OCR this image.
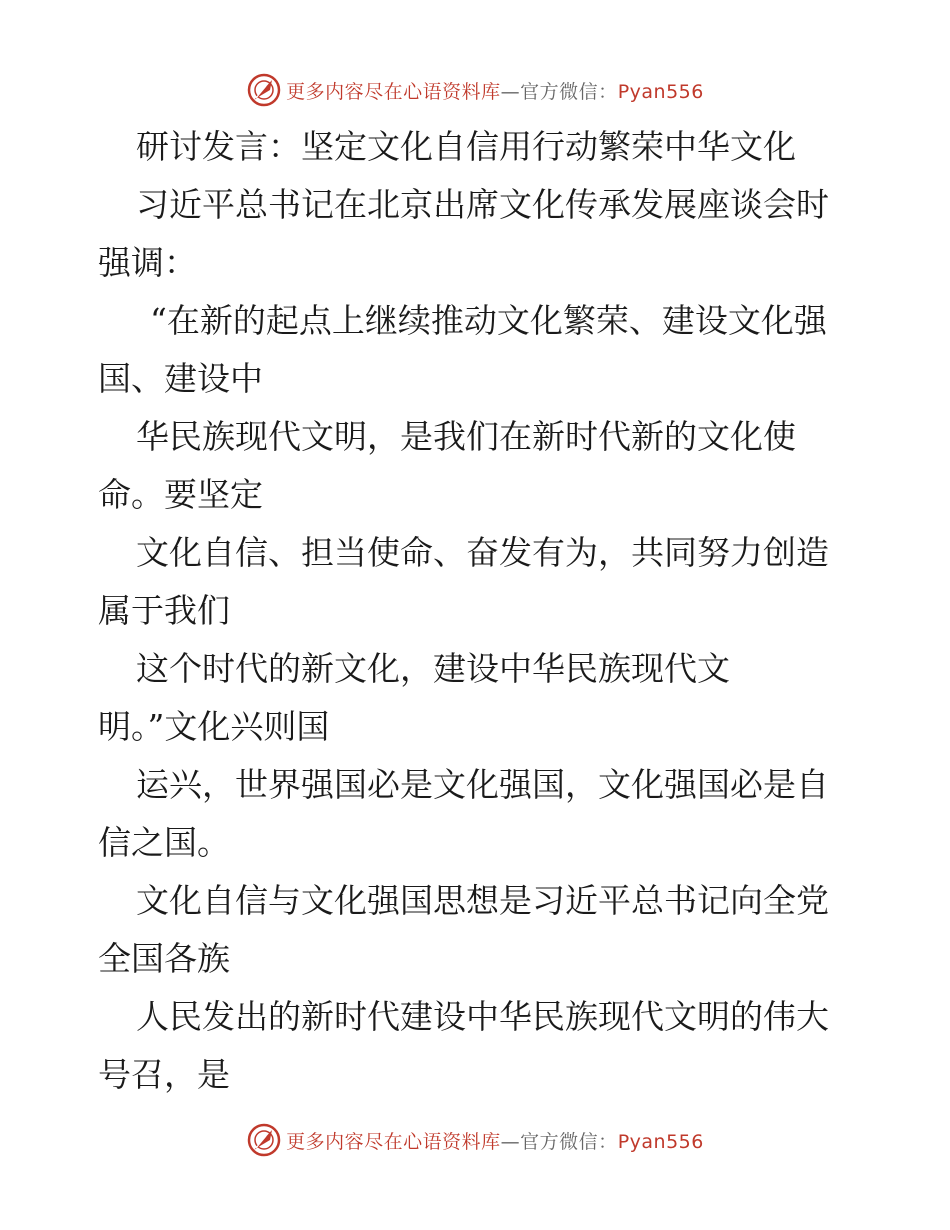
更多内容尽在心语资料库—官方微信：Pyan556
研讨发言：坚定文化自信用行动繁荣中华文化
习近平总书记在北京出席文化传承发展座谈会时
强调：
“在新的起点上继续推动文化繁荣、建设文化强
国、建设中
华民族现代文明，是我们在新时代新的文化使
命。要坚定
文化自信、担当使命、奋发有为，共同努力创造
属于我们
这个时代的新文化，建设中华民族现代文
明。”文化兴则国
运兴，世界强国必是文化强国，文化强国必是自
信之国。
文化自信与文化强国思想是习近平总书记向全党
全国各族
人民发出的新时代建设中华民族现代文明的伟大
号召，是
更多内容尽在心语资料库—官方微信：Pyan556
